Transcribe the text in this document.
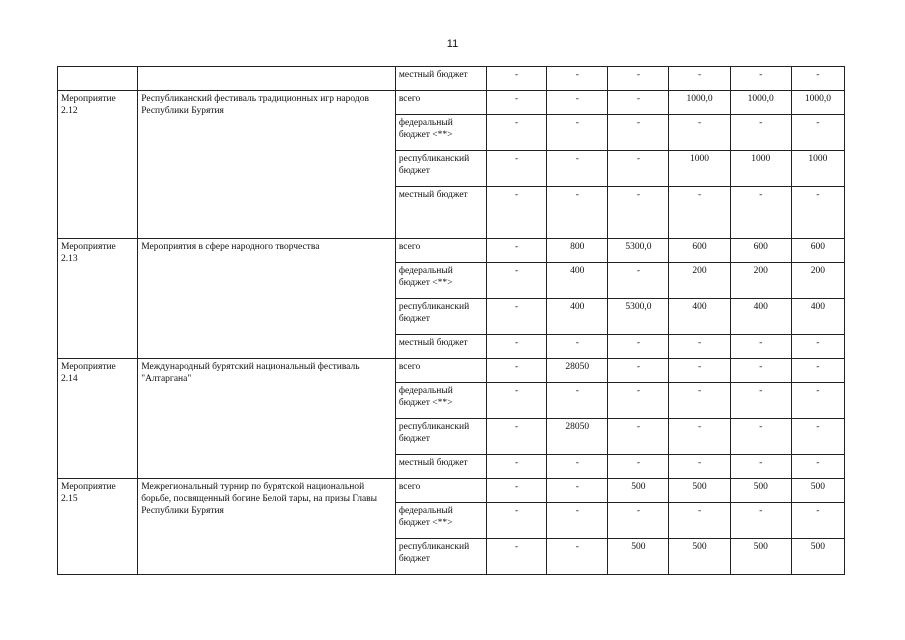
11
		местный бюджет	-	-	-	-	-	-
Мероприятие 2.12	Республиканский фестиваль традиционных игр народов Республики Бурятия	всего	-	-	-	1000,0	1000,0	1000,0
		федеральный бюджет <**>	-	-	-	-	-	-
		республиканский бюджет	-	-	-	1000	1000	1000
		местный бюджет	-	-	-	-	-	-
Мероприятие 2.13	Мероприятия в сфере народного творчества	всего	-	800	5300,0	600	600	600
		федеральный бюджет <**>	-	400	-	200	200	200
		республиканский бюджет	-	400	5300,0	400	400	400
		местный бюджет	-	-	-	-	-	-
Мероприятие 2.14	Международный бурятский национальный фестиваль "Алтаргана"	всего	-	28050	-	-	-	-
		федеральный бюджет <**>	-	-	-	-	-	-
		республиканский бюджет	-	28050	-	-	-	-
		местный бюджет	-	-	-	-	-	-
Мероприятие 2.15	Межрегиональный турнир по бурятской национальной борьбе, посвященный богине Белой тары, на призы Главы Республики Бурятия	всего	-	-	500	500	500	500
		федеральный бюджет <**>	-	-	-	-	-	-
		республиканский бюджет	-	-	500	500	500	500
